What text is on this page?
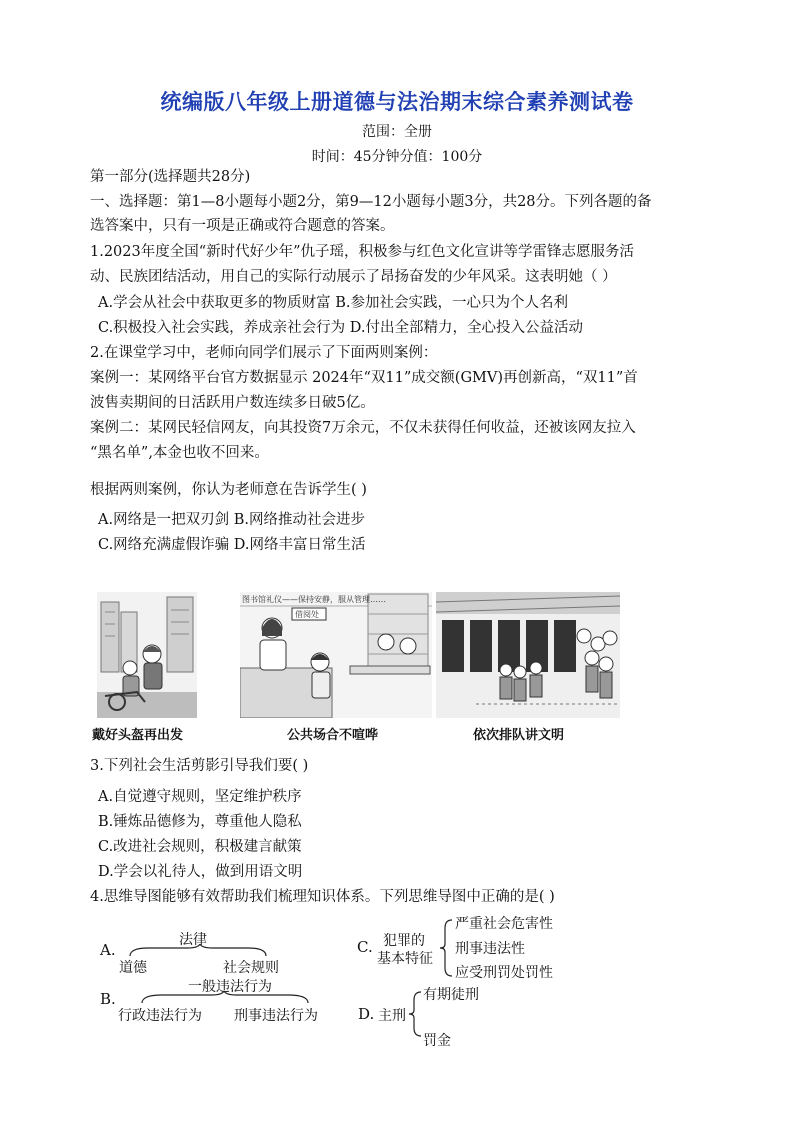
统编版八年级上册道德与法治期末综合素养测试卷
范围：全册
时间：45分钟分值：100分
第一部分(选择题共28分)
一、选择题：第1—8小题每小题2分，第9—12小题每小题3分，共28分。下列各题的备
选答案中，只有一项是正确或符合题意的答案。
1.2023年度全国“新时代好少年”仇子瑶，积极参与红色文化宣讲等学雷锋志愿服务活
动、民族团结活动，用自己的实际行动展示了昂扬奋发的少年风采。这表明她（ ）
A.学会从社会中获取更多的物质财富 B.参加社会实践，一心只为个人名利
C.积极投入社会实践，养成亲社会行为 D.付出全部精力，全心投入公益活动
2.在课堂学习中，老师向同学们展示了下面两则案例：
案例一：某网络平台官方数据显示 2024年“双11”成交额(GMV)再创新高，“双11”首
波售卖期间的日活跃用户数连续多日破5亿。
案例二：某网民轻信网友，向其投资7万余元，不仅未获得任何收益，还被该网友拉入
“黑名单”,本金也收不回来。
根据两则案例，你认为老师意在告诉学生( )
A.网络是一把双刃剑 B.网络推动社会进步
C.网络充满虚假诈骗 D.网络丰富日常生活
戴好头盔再出发
图书馆礼仪——保持安静，服从管理……
借阅处
公共场合不喧哗	依次排队讲文明
3.下列社会生活剪影引导我们要( )
A.自觉遵守规则，坚定维护秩序
B.锤炼品德修为，尊重他人隐私
C.改进社会规则，积极建言献策
D.学会以礼待人，做到用语文明
4.思维导图能够有效帮助我们梳理知识体系。下列思维导图中正确的是( )
A.
法律
道德	社会规则
B.
一般违法行为
行政违法行为 刑事违法行为
C. 犯罪的
基本特征
严重社会危害性
刑事违法性
应受刑罚处罚性
D. 主刑
有期徒刑
罚金
